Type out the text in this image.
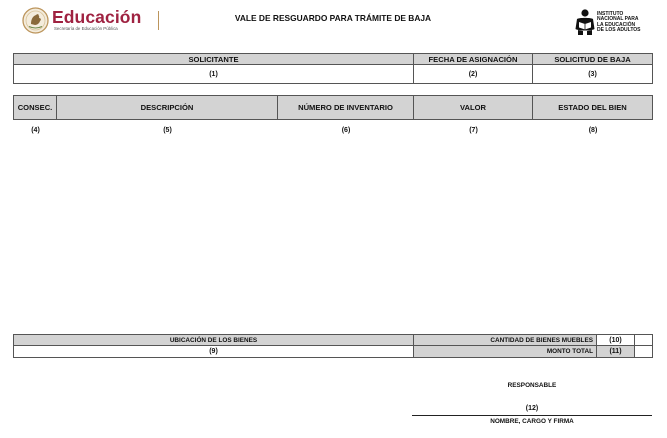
Educación
Secretaría de Educación Pública
VALE DE RESGUARDO PARA TRÁMITE DE BAJA	INSTITUTO
NACIONAL PARA
LA EDUCACIÓN
DE LOS ADULTOS
SOLICITANTE	FECHA DE ASIGNACIÓN	SOLICITUD DE BAJA
(1)	(2)	(3)
CONSEC.	DESCRIPCIÓN	NÚMERO DE INVENTARIO	VALOR	ESTADO DEL BIEN
(4)	(5)	(6)	(7)	(8)
UBICACIÓN DE LOS BIENES	CANTIDAD DE BIENES MUEBLES	(10)
(9)	MONTO TOTAL	(11)
RESPONSABLE
(12)
NOMBRE, CARGO Y FIRMA
